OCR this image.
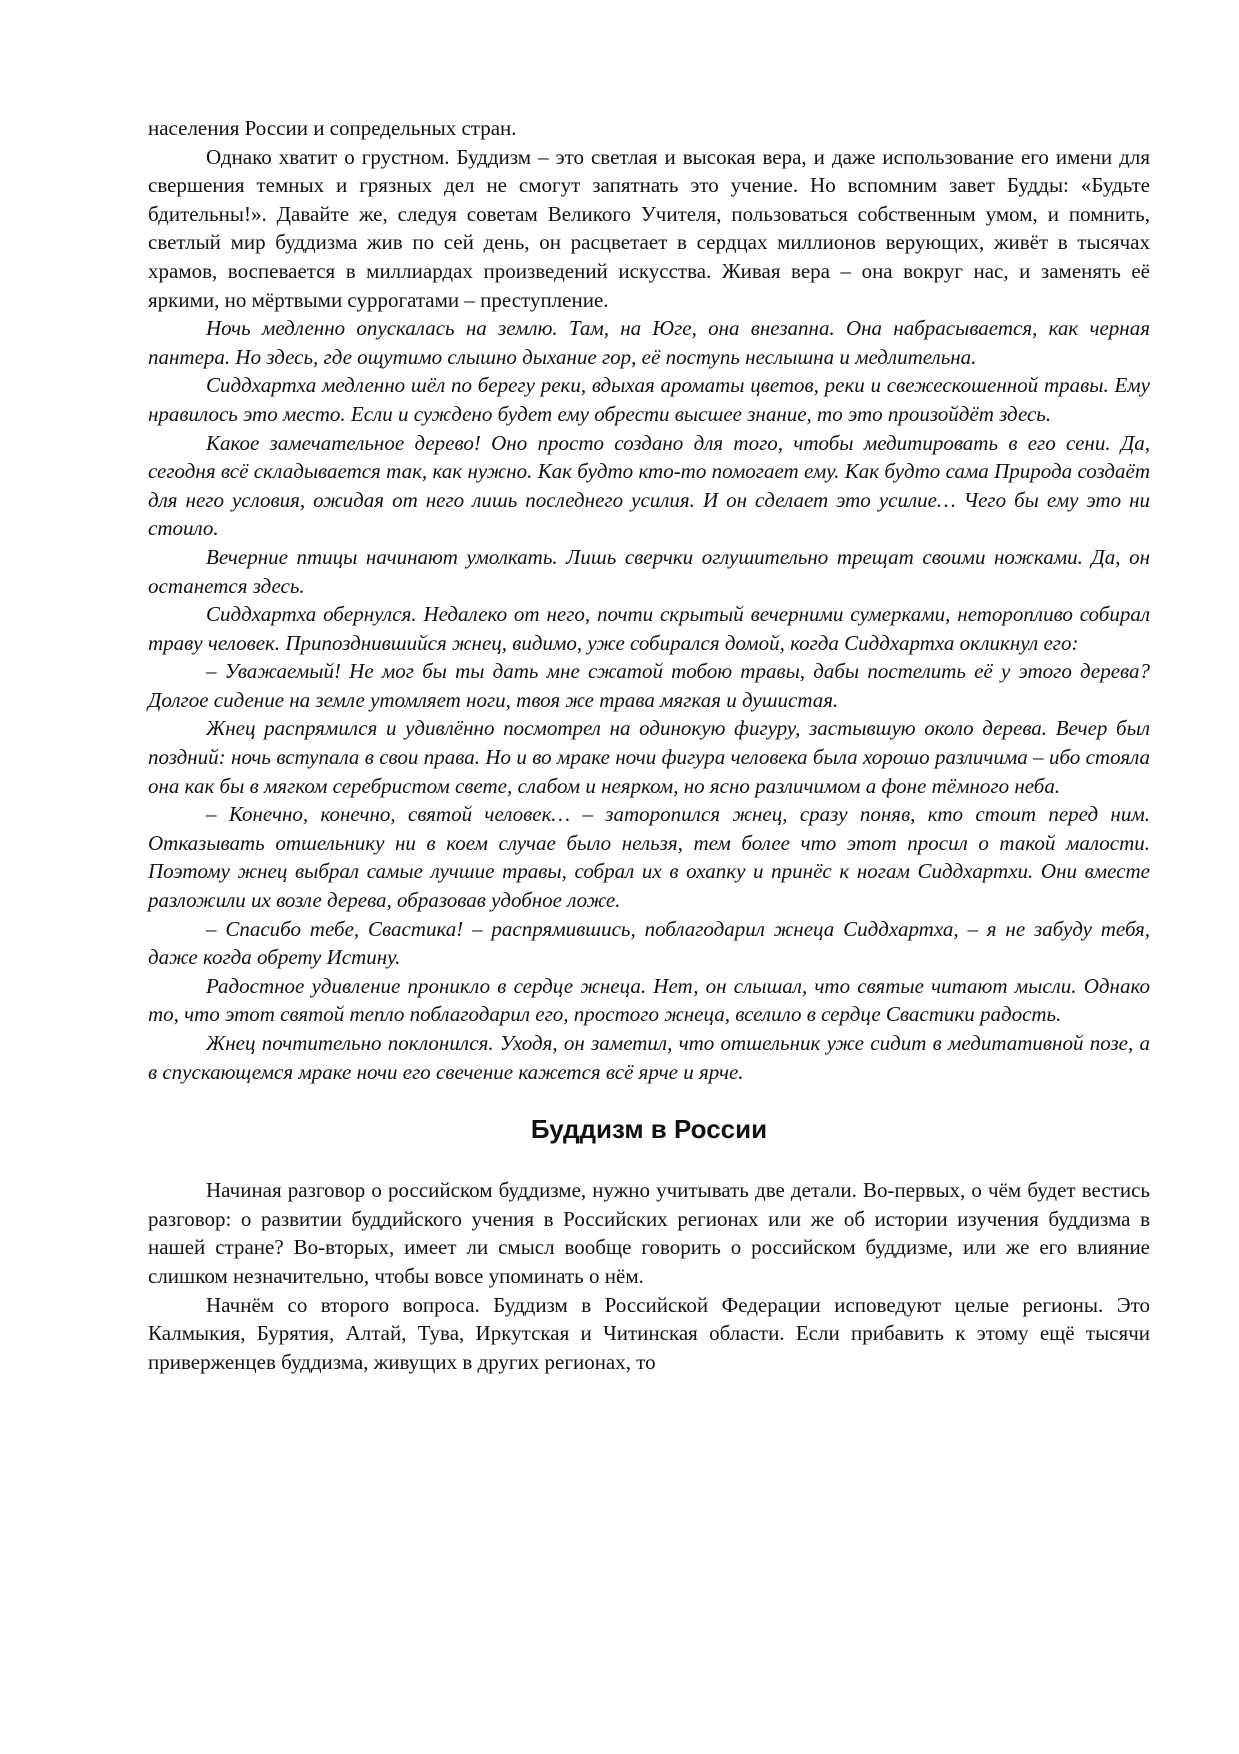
населения России и сопредельных стран.

Однако хватит о грустном. Буддизм – это светлая и высокая вера, и даже использование его имени для свершения темных и грязных дел не смогут запятнать это учение. Но вспомним завет Будды: «Будьте бдительны!». Давайте же, следуя советам Великого Учителя, пользоваться собственным умом, и помнить, светлый мир буддизма жив по сей день, он расцветает в сердцах миллионов верующих, живёт в тысячах храмов, воспевается в миллиардах произведений искусства. Живая вера – она вокруг нас, и заменять её яркими, но мёртвыми суррогатами – преступление.

Ночь медленно опускалась на землю. Там, на Юге, она внезапна. Она набрасывается, как черная пантера. Но здесь, где ощутимо слышно дыхание гор, её поступь неслышна и медлительна.

Сиддхартха медленно шёл по берегу реки, вдыхая ароматы цветов, реки и свежескошенной травы. Ему нравилось это место. Если и суждено будет ему обрести высшее знание, то это произойдёт здесь.

Какое замечательное дерево! Оно просто создано для того, чтобы медитировать в его сени. Да, сегодня всё складывается так, как нужно. Как будто кто-то помогает ему. Как будто сама Природа создаёт для него условия, ожидая от него лишь последнего усилия. И он сделает это усилие… Чего бы ему это ни стоило.

Вечерние птицы начинают умолкать. Лишь сверчки оглушительно трещат своими ножками. Да, он останется здесь.

Сиддхартха обернулся. Недалеко от него, почти скрытый вечерними сумерками, неторопливо собирал траву человек. Припозднившийся жнец, видимо, уже собирался домой, когда Сиддхартха окликнул его:

– Уважаемый! Не мог бы ты дать мне сжатой тобою травы, дабы постелить её у этого дерева? Долгое сидение на земле утомляет ноги, твоя же трава мягкая и душистая.

Жнец распрямился и удивлённо посмотрел на одинокую фигуру, застывшую около дерева. Вечер был поздний: ночь вступала в свои права. Но и во мраке ночи фигура человека была хорошо различима – ибо стояла она как бы в мягком серебристом свете, слабом и неярком, но ясно различимом а фоне тёмного неба.

– Конечно, конечно, святой человек… – заторопился жнец, сразу поняв, кто стоит перед ним. Отказывать отшельнику ни в коем случае было нельзя, тем более что этот просил о такой малости. Поэтому жнец выбрал самые лучшие травы, собрал их в охапку и принёс к ногам Сиддхартхи. Они вместе разложили их возле дерева, образовав удобное ложе.

– Спасибо тебе, Свастика! – распрямившись, поблагодарил жнеца Сиддхартха, – я не забуду тебя, даже когда обрету Истину.

Радостное удивление проникло в сердце жнеца. Нет, он слышал, что святые читают мысли. Однако то, что этот святой тепло поблагодарил его, простого жнеца, вселило в сердце Свастики радость.

Жнец почтительно поклонился. Уходя, он заметил, что отшельник уже сидит в медитативной позе, а в спускающемся мраке ночи его свечение кажется всё ярче и ярче.

Буддизм в России

Начиная разговор о российском буддизме, нужно учитывать две детали. Во-первых, о чём будет вестись разговор: о развитии буддийского учения в Российских регионах или же об истории изучения буддизма в нашей стране? Во-вторых, имеет ли смысл вообще говорить о российском буддизме, или же его влияние слишком незначительно, чтобы вовсе упоминать о нём.

Начнём со второго вопроса. Буддизм в Российской Федерации исповедуют целые регионы. Это Калмыкия, Бурятия, Алтай, Тува, Иркутская и Читинская области. Если прибавить к этому ещё тысячи приверженцев буддизма, живущих в других регионах, то
